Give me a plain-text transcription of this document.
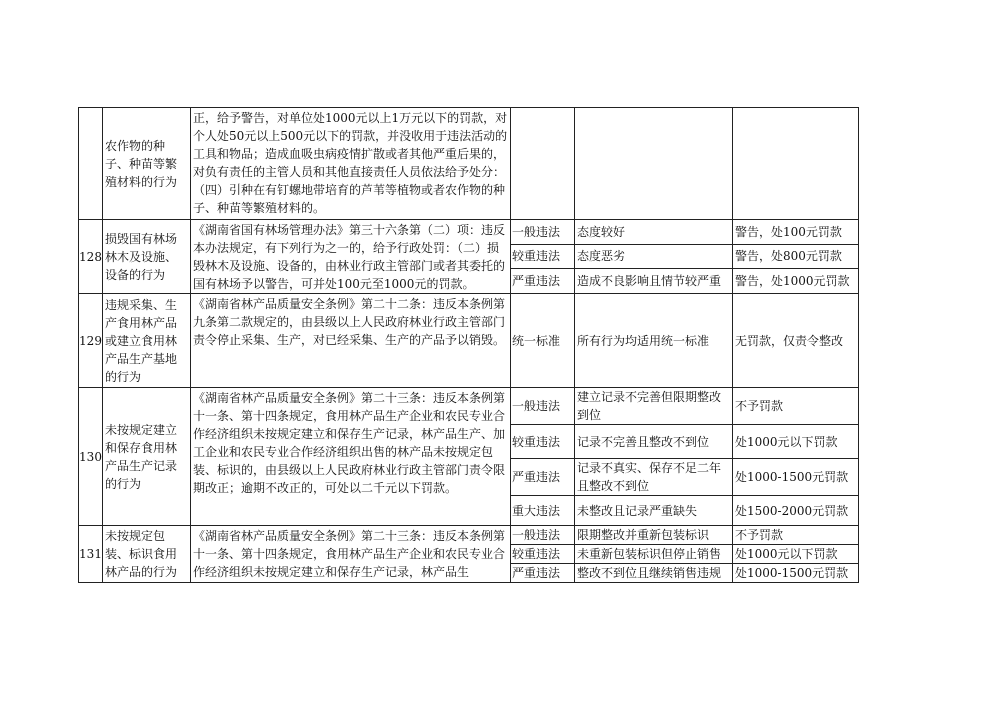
	农作物的种子、种苗等繁殖材料的行为	正，给予警告，对单位处1000元以上1万元以下的罚款，对个人处50元以上500元以下的罚款，并没收用于违法活动的工具和物品；造成血吸虫病疫情扩散或者其他严重后果的，对负有责任的主管人员和其他直接责任人员依法给予处分：（四）引种在有钉螺地带培育的芦苇等植物或者农作物的种子、种苗等繁殖材料的。			
128	损毁国有林场林木及设施、设备的行为	《湖南省国有林场管理办法》第三十六条第（二）项：违反本办法规定，有下列行为之一的，给予行政处罚：（二）损毁林木及设施、设备的，由林业行政主管部门或者其委托的国有林场予以警告，可并处100元至1000元的罚款。	一般违法	态度较好	警告，处100元罚款
			较重违法	态度恶劣	警告，处800元罚款
			严重违法	造成不良影响且情节较严重	警告，处1000元罚款
129	违规采集、生产食用林产品或建立食用林产品生产基地的行为	《湖南省林产品质量安全条例》第二十二条：违反本条例第九条第二款规定的，由县级以上人民政府林业行政主管部门责令停止采集、生产，对已经采集、生产的产品予以销毁。	统一标准	所有行为均适用统一标准	无罚款，仅责令整改
130	未按规定建立和保存食用林产品生产记录的行为	《湖南省林产品质量安全条例》第二十三条：违反本条例第十一条、第十四条规定，食用林产品生产企业和农民专业合作经济组织未按规定建立和保存生产记录，林产品生产、加工企业和农民专业合作经济组织出售的林产品未按规定包装、标识的，由县级以上人民政府林业行政主管部门责令限期改正；逾期不改正的，可处以二千元以下罚款。	一般违法	建立记录不完善但限期整改到位	不予罚款
			较重违法	记录不完善且整改不到位	处1000元以下罚款
			严重违法	记录不真实、保存不足二年且整改不到位	处1000-1500元罚款
			重大违法	未整改且记录严重缺失	处1500-2000元罚款
131	未按规定包装、标识食用林产品的行为	《湖南省林产品质量安全条例》第二十三条：违反本条例第十一条、第十四条规定，食用林产品生产企业和农民专业合作经济组织未按规定建立和保存生产记录，林产品生	一般违法	限期整改并重新包装标识	不予罚款
			较重违法	未重新包装标识但停止销售	处1000元以下罚款
			严重违法	整改不到位且继续销售违规	处1000-1500元罚款
